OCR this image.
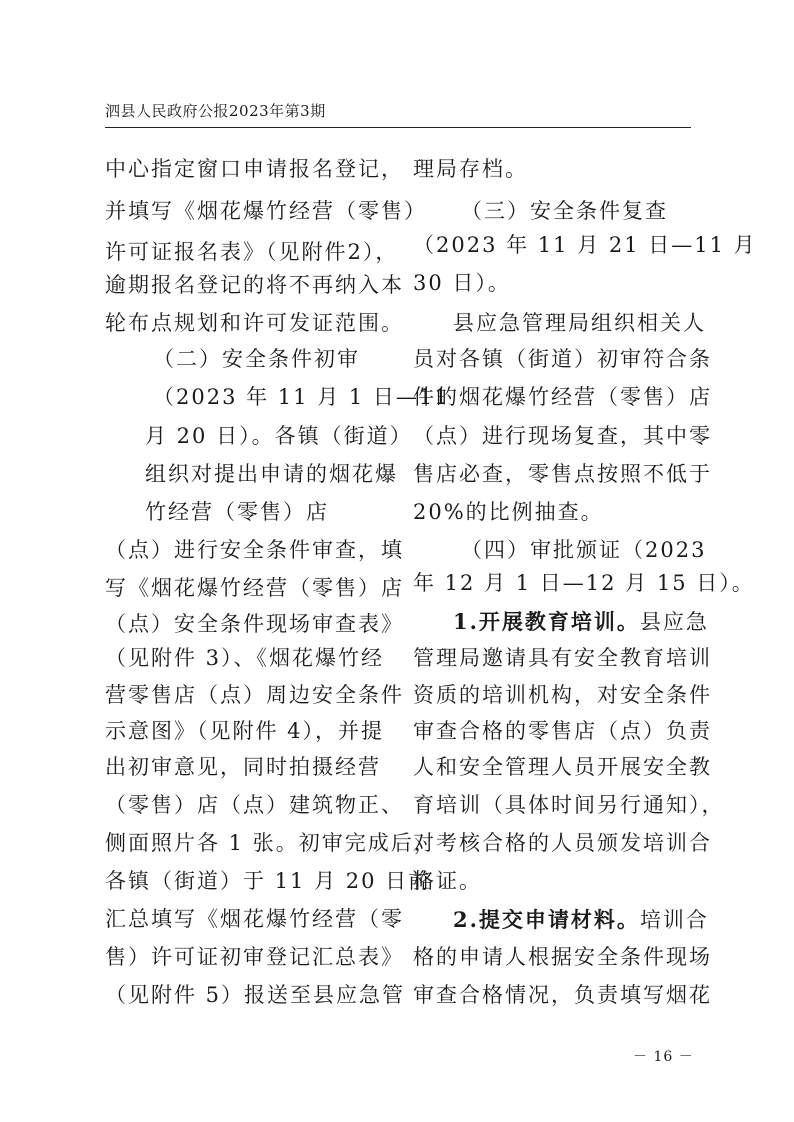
泗县人民政府公报2023年第3期
中心指定窗口申请报名登记，
并填写《烟花爆竹经营（零售）
许可证报名表》（见附件2），
逾期报名登记的将不再纳入本
轮布点规划和许可发证范围。
（二）安全条件初审
（2023 年 11 月 1 日—11
月 20 日）。各镇（街道）
组织对提出申请的烟花爆
竹经营（零售）店
（点）进行安全条件审查，填
写《烟花爆竹经营（零售）店
（点）安全条件现场审查表》
（见附件 3）、《烟花爆竹经
营零售店（点）周边安全条件
示意图》（见附件 4），并提
出初审意见，同时拍摄经营
（零售）店（点）建筑物正、
侧面照片各 1 张。初审完成后，
各镇（街道）于 11 月 20 日前
汇总填写《烟花爆竹经营（零
售）许可证初审登记汇总表》
（见附件 5）报送至县应急管
理局存档。
（三）安全条件复查
（2023 年 11 月 21 日—11 月
30 日）。
县应急管理局组织相关人
员对各镇（街道）初审符合条
件的烟花爆竹经营（零售）店
（点）进行现场复查，其中零
售店必查，零售点按照不低于
20%的比例抽查。
（四）审批颁证（2023
年 12 月 1 日—12 月 15 日）。
1.开展教育培训。县应急
管理局邀请具有安全教育培训
资质的培训机构，对安全条件
审查合格的零售店（点）负责
人和安全管理人员开展安全教
育培训（具体时间另行通知），
对考核合格的人员颁发培训合
格证。
2.提交申请材料。培训合
格的申请人根据安全条件现场
审查合格情况，负责填写烟花
－ 16 －
